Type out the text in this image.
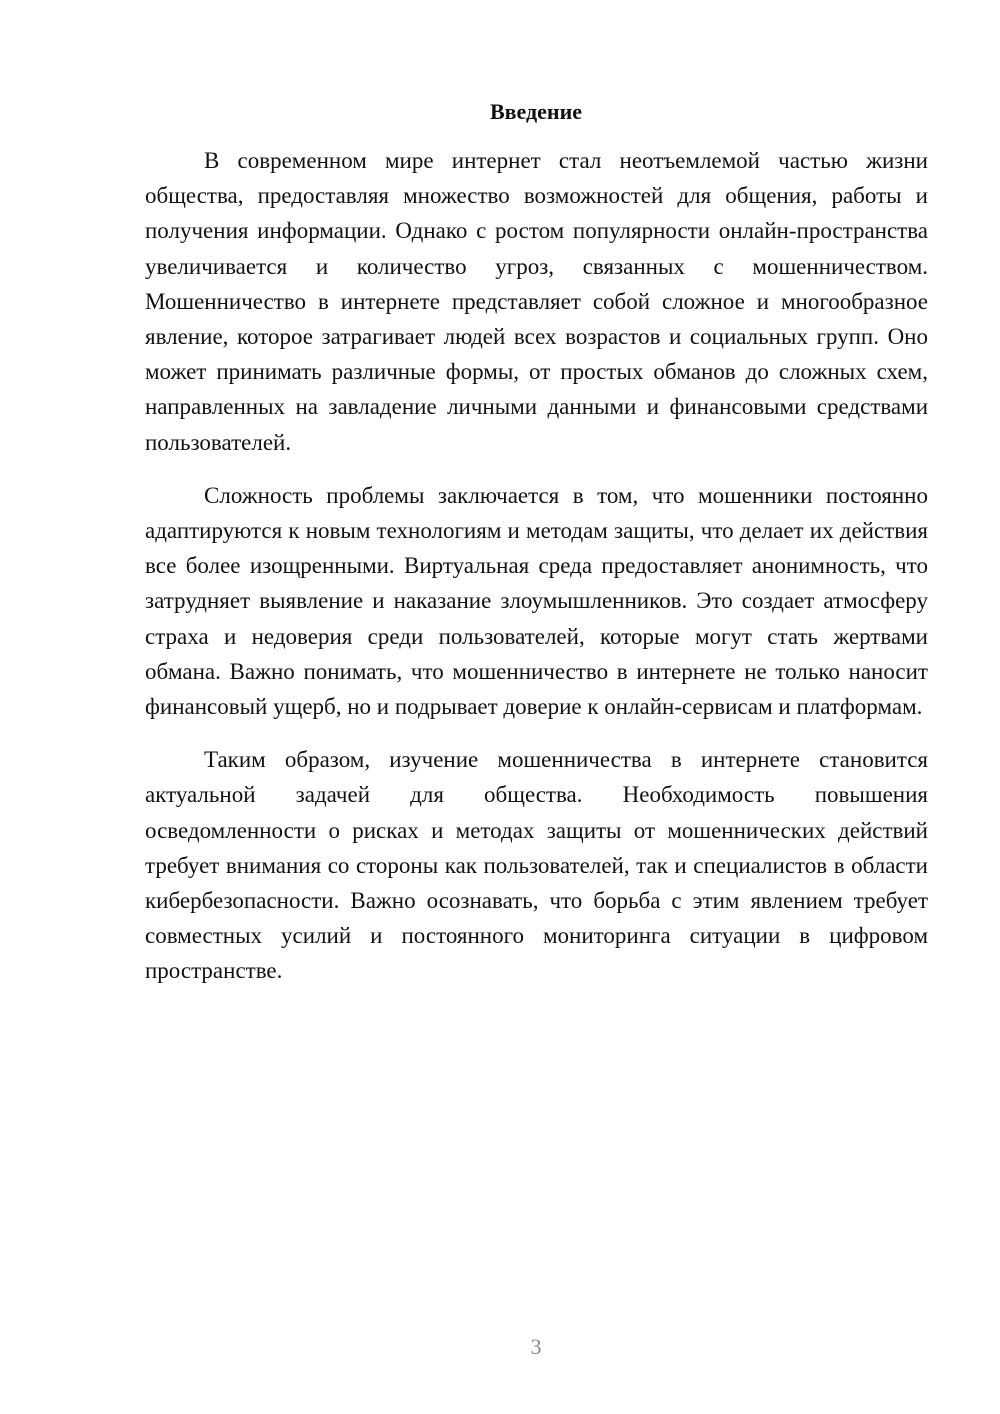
Введение

В современном мире интернет стал неотъемлемой частью жизни общества, предоставляя множество возможностей для общения, работы и получения информации. Однако с ростом популярности онлайн-пространства увеличивается и количество угроз, связанных с мошенничеством. Мошенничество в интернете представляет собой сложное и многообразное явление, которое затрагивает людей всех возрастов и социальных групп. Оно может принимать различные формы, от простых обманов до сложных схем, направленных на завладение личными данными и финансовыми средствами пользователей.

Сложность проблемы заключается в том, что мошенники постоянно адаптируются к новым технологиям и методам защиты, что делает их действия все более изощренными. Виртуальная среда предоставляет анонимность, что затрудняет выявление и наказание злоумышленников. Это создает атмосферу страха и недоверия среди пользователей, которые могут стать жертвами обмана. Важно понимать, что мошенничество в интернете не только наносит финансовый ущерб, но и подрывает доверие к онлайн-сервисам и платформам.

Таким образом, изучение мошенничества в интернете становится актуальной задачей для общества. Необходимость повышения осведомленности о рисках и методах защиты от мошеннических действий требует внимания со стороны как пользователей, так и специалистов в области кибербезопасности. Важно осознавать, что борьба с этим явлением требует совместных усилий и постоянного мониторинга ситуации в цифровом пространстве.

3
